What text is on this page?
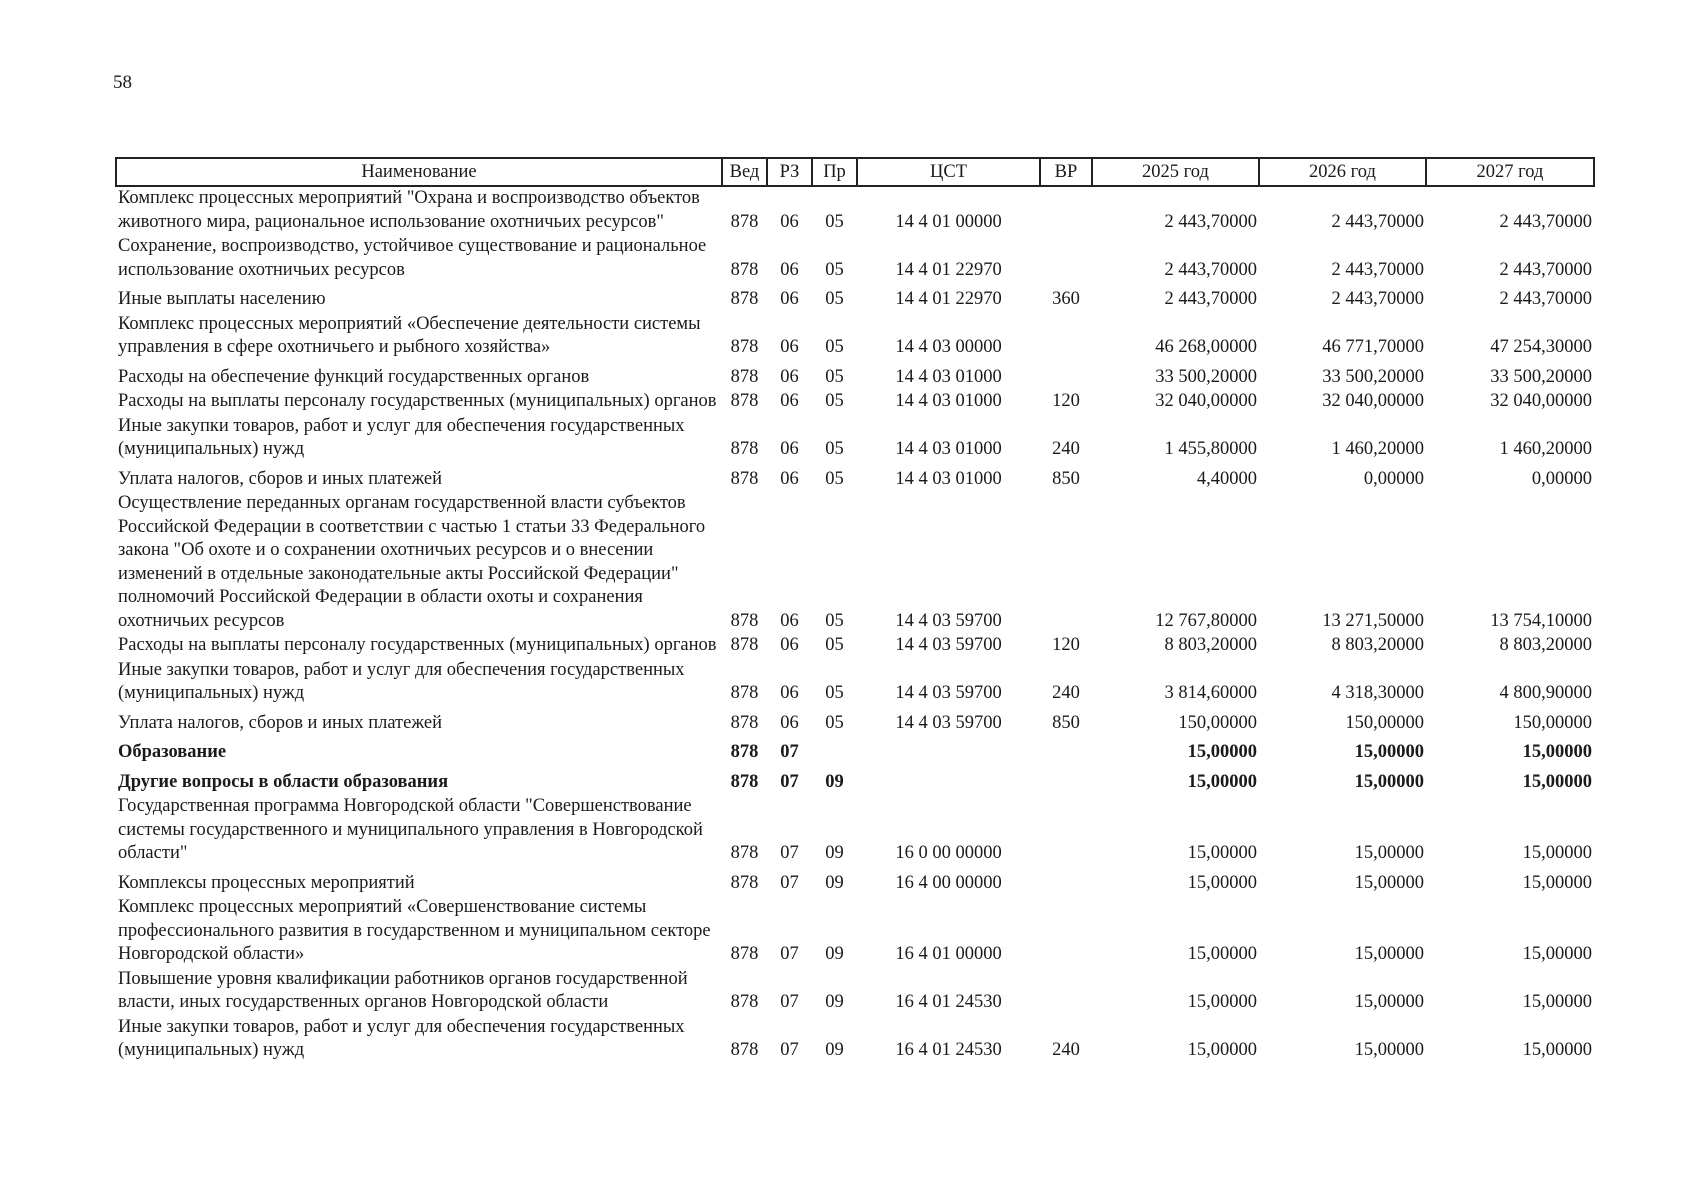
58
Наименование	Вед	РЗ	Пр	ЦСТ	ВР	2025 год	2026 год	2027 год
Комплекс процессных мероприятий "Охрана и воспроизводство объектов животного мира, рациональное использование охотничьих ресурсов"	878	06	05	14 4 01 00000		2 443,70000	2 443,70000	2 443,70000
Сохранение, воспроизводство, устойчивое существование и рациональное использование охотничьих ресурсов	878	06	05	14 4 01 22970		2 443,70000	2 443,70000	2 443,70000
Иные выплаты населению	878	06	05	14 4 01 22970	360	2 443,70000	2 443,70000	2 443,70000
Комплекс процессных мероприятий «Обеспечение деятельности системы управления в сфере охотничьего и рыбного хозяйства»	878	06	05	14 4 03 00000		46 268,00000	46 771,70000	47 254,30000
Расходы на обеспечение функций государственных органов	878	06	05	14 4 03 01000		33 500,20000	33 500,20000	33 500,20000
Расходы на выплаты персоналу государственных (муниципальных) органов	878	06	05	14 4 03 01000	120	32 040,00000	32 040,00000	32 040,00000
Иные закупки товаров, работ и услуг для обеспечения государственных (муниципальных) нужд	878	06	05	14 4 03 01000	240	1 455,80000	1 460,20000	1 460,20000
Уплата налогов, сборов и иных платежей	878	06	05	14 4 03 01000	850	4,40000	0,00000	0,00000
Осуществление переданных органам государственной власти субъектов Российской Федерации в соответствии с частью 1 статьи 33 Федерального закона "Об охоте и о сохранении охотничьих ресурсов и о внесении изменений в отдельные законодательные акты Российской Федерации" полномочий Российской Федерации в области охоты и сохранения охотничьих ресурсов	878	06	05	14 4 03 59700		12 767,80000	13 271,50000	13 754,10000
Расходы на выплаты персоналу государственных (муниципальных) органов	878	06	05	14 4 03 59700	120	8 803,20000	8 803,20000	8 803,20000
Иные закупки товаров, работ и услуг для обеспечения государственных (муниципальных) нужд	878	06	05	14 4 03 59700	240	3 814,60000	4 318,30000	4 800,90000
Уплата налогов, сборов и иных платежей	878	06	05	14 4 03 59700	850	150,00000	150,00000	150,00000
Образование	878	07				15,00000	15,00000	15,00000
Другие вопросы в области образования	878	07	09			15,00000	15,00000	15,00000
Государственная программа Новгородской области "Совершенствование системы государственного и муниципального управления в Новгородской области"	878	07	09	16 0 00 00000		15,00000	15,00000	15,00000
Комплексы процессных мероприятий	878	07	09	16 4 00 00000		15,00000	15,00000	15,00000
Комплекс процессных мероприятий «Совершенствование системы профессионального развития в государственном и муниципальном секторе Новгородской области»	878	07	09	16 4 01 00000		15,00000	15,00000	15,00000
Повышение уровня квалификации работников органов государственной власти, иных государственных органов Новгородской области	878	07	09	16 4 01 24530		15,00000	15,00000	15,00000
Иные закупки товаров, работ и услуг для обеспечения государственных (муниципальных) нужд	878	07	09	16 4 01 24530	240	15,00000	15,00000	15,00000
